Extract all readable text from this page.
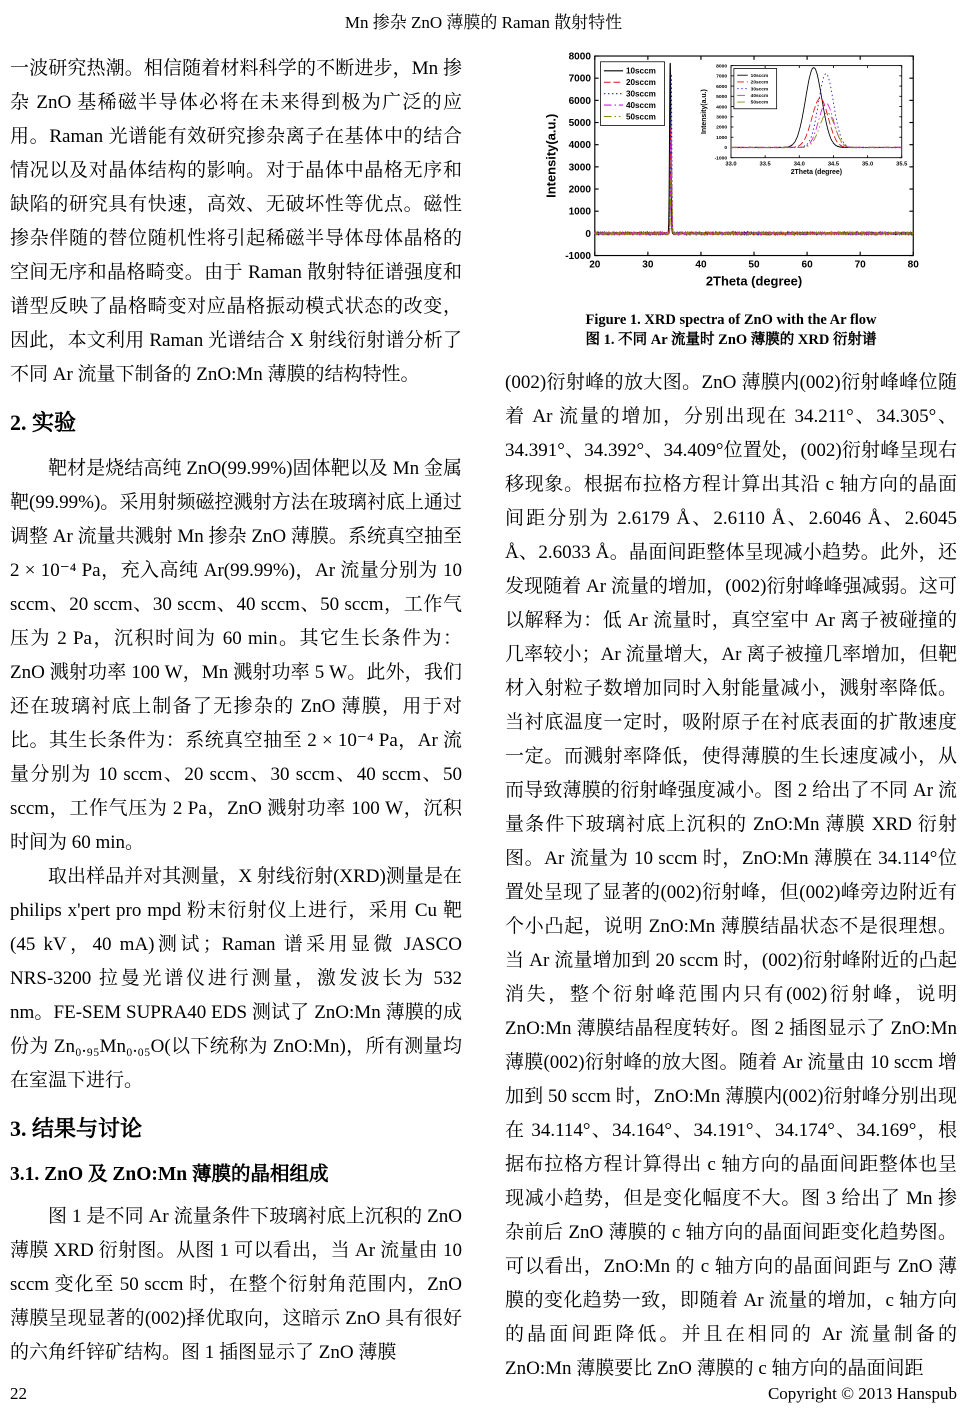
Mn 掺杂 ZnO 薄膜的 Raman 散射特性

一波研究热潮。相信随着材料科学的不断进步，Mn 掺杂 ZnO 基稀磁半导体必将在未来得到极为广泛的应用。Raman 光谱能有效研究掺杂离子在基体中的结合情况以及对晶体结构的影响。对于晶体中晶格无序和缺陷的研究具有快速，高效、无破坏性等优点。磁性掺杂伴随的替位随机性将引起稀磁半导体母体晶格的空间无序和晶格畸变。由于 Raman 散射特征谱强度和谱型反映了晶格畸变对应晶格振动模式状态的改变，因此，本文利用 Raman 光谱结合 X 射线衍射谱分析了不同 Ar 流量下制备的 ZnO:Mn 薄膜的结构特性。

2. 实验

靶材是烧结高纯 ZnO(99.99%)固体靶以及 Mn 金属靶(99.99%)。采用射频磁控溅射方法在玻璃衬底上通过调整 Ar 流量共溅射 Mn 掺杂 ZnO 薄膜。系统真空抽至 2 × 10⁻⁴ Pa，充入高纯 Ar(99.99%)，Ar 流量分别为 10 sccm、20 sccm、30 sccm、40 sccm、50 sccm，工作气压为 2 Pa，沉积时间为 60 min。其它生长条件为：ZnO 溅射功率 100 W，Mn 溅射功率 5 W。此外，我们还在玻璃衬底上制备了无掺杂的 ZnO 薄膜，用于对比。其生长条件为：系统真空抽至 2 × 10⁻⁴ Pa，Ar 流量分别为 10 sccm、20 sccm、30 sccm、40 sccm、50 sccm，工作气压为 2 Pa，ZnO 溅射功率 100 W，沉积时间为 60 min。

取出样品并对其测量，X 射线衍射(XRD)测量是在 philips x'pert pro mpd 粉末衍射仪上进行，采用 Cu 靶(45 kV，40 mA)测试；Raman 谱采用显微 JASCO NRS-3200 拉曼光谱仪进行测量，激发波长为 532 nm。FE-SEM SUPRA40 EDS 测试了 ZnO:Mn 薄膜的成份为 Zn₀.₉₅Mn₀.₀₅O(以下统称为 ZnO:Mn)，所有测量均在室温下进行。

3. 结果与讨论
3.1. ZnO 及 ZnO:Mn 薄膜的晶相组成

图 1 是不同 Ar 流量条件下玻璃衬底上沉积的 ZnO 薄膜 XRD 衍射图。从图 1 可以看出，当 Ar 流量由 10 sccm 变化至 50 sccm 时，在整个衍射角范围内，ZnO 薄膜呈现显著的(002)择优取向，这暗示 ZnO 具有很好的六角纤锌矿结构。图 1 插图显示了 ZnO 薄膜

20	30	40	50	60	70	80
-1000
0
1000
2000
3000
4000
5000
6000
7000
8000
2Theta (degree)
Intensity(a.u.)
10sccm
20sccm
30sccm
40sccm
50sccm
33.0	33.5	34.0	34.5	35.0	35.5
-1000
0
1000
2000
3000
4000
5000
6000
7000
8000
2Theta (degree)
Intensity(a.u.)
10sccm
20sccm
30sccm
40sccm
50sccm
Figure 1. XRD spectra of ZnO with the Ar flow
图 1. 不同 Ar 流量时 ZnO 薄膜的 XRD 衍射谱

(002)衍射峰的放大图。ZnO 薄膜内(002)衍射峰峰位随着 Ar 流量的增加，分别出现在 34.211°、34.305°、34.391°、34.392°、34.409°位置处，(002)衍射峰呈现右移现象。根据布拉格方程计算出其沿 c 轴方向的晶面间距分别为 2.6179 Å、2.6110 Å、2.6046 Å、2.6045 Å、2.6033 Å。晶面间距整体呈现减小趋势。此外，还发现随着 Ar 流量的增加，(002)衍射峰峰强减弱。这可以解释为：低 Ar 流量时，真空室中 Ar 离子被碰撞的几率较小；Ar 流量增大，Ar 离子被撞几率增加，但靶材入射粒子数增加同时入射能量减小，溅射率降低。当衬底温度一定时，吸附原子在衬底表面的扩散速度一定。而溅射率降低，使得薄膜的生长速度减小，从而导致薄膜的衍射峰强度减小。图 2 给出了不同 Ar 流量条件下玻璃衬底上沉积的 ZnO:Mn 薄膜 XRD 衍射图。Ar 流量为 10 sccm 时，ZnO:Mn 薄膜在 34.114°位置处呈现了显著的(002)衍射峰，但(002)峰旁边附近有个小凸起，说明 ZnO:Mn 薄膜结晶状态不是很理想。当 Ar 流量增加到 20 sccm 时，(002)衍射峰附近的凸起消失，整个衍射峰范围内只有(002)衍射峰，说明 ZnO:Mn 薄膜结晶程度转好。图 2 插图显示了 ZnO:Mn 薄膜(002)衍射峰的放大图。随着 Ar 流量由 10 sccm 增加到 50 sccm 时，ZnO:Mn 薄膜内(002)衍射峰分别出现在 34.114°、34.164°、34.191°、34.174°、34.169°，根据布拉格方程计算得出 c 轴方向的晶面间距整体也呈现减小趋势，但是变化幅度不大。图 3 给出了 Mn 掺杂前后 ZnO 薄膜的 c 轴方向的晶面间距变化趋势图。可以看出，ZnO:Mn 的 c 轴方向的晶面间距与 ZnO 薄膜的变化趋势一致，即随着 Ar 流量的增加，c 轴方向的晶面间距降低。并且在相同的 Ar 流量制备的 ZnO:Mn 薄膜要比 ZnO 薄膜的 c 轴方向的晶面间距

22	Copyright © 2013 Hanspub
